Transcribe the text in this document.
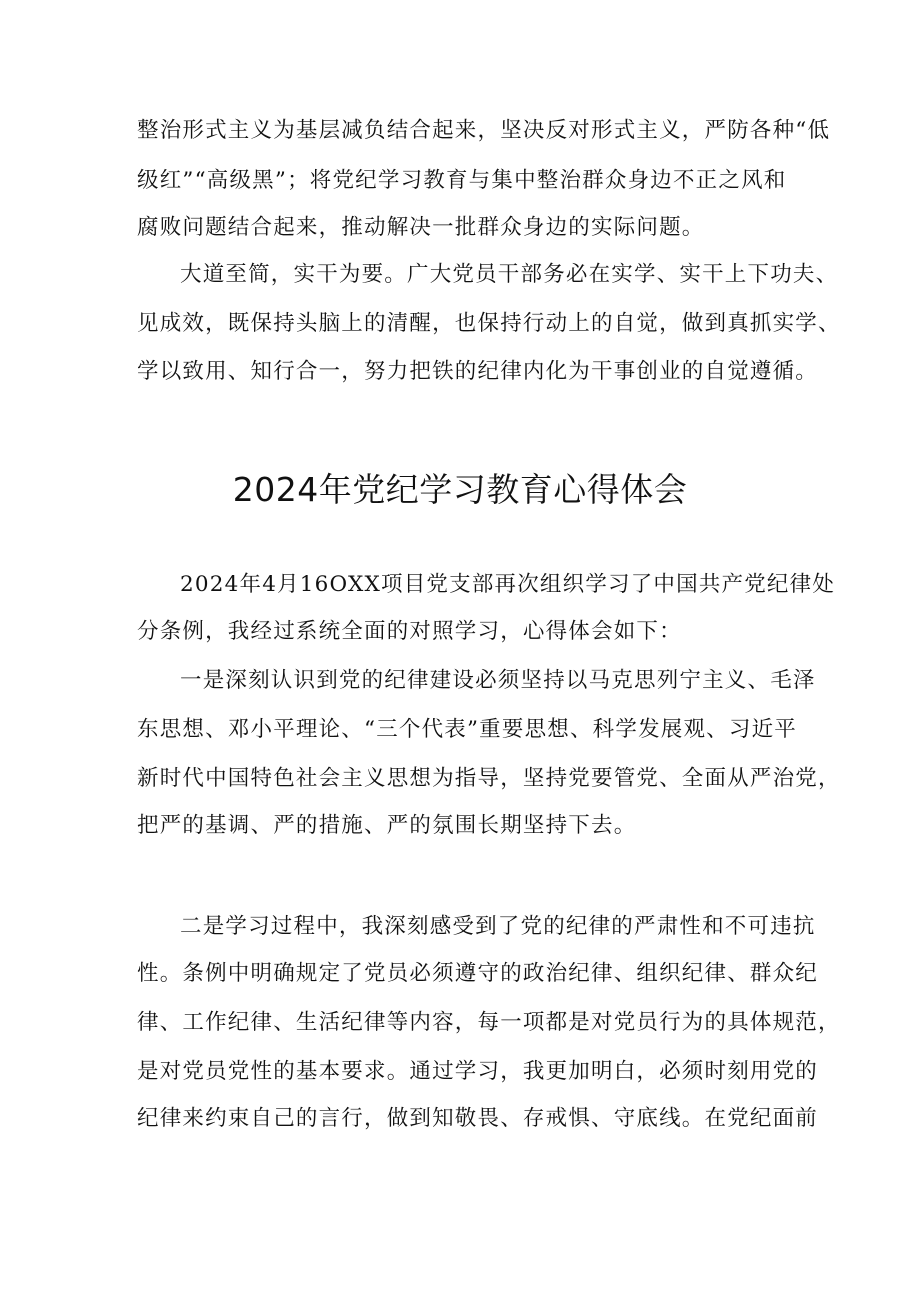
整治形式主义为基层减负结合起来，坚决反对形式主义，严防各种“低
级红”“高级黑”；将党纪学习教育与集中整治群众身边不正之风和
腐败问题结合起来，推动解决一批群众身边的实际问题。
大道至简，实干为要。广大党员干部务必在实学、实干上下功夫、
见成效，既保持头脑上的清醒，也保持行动上的自觉，做到真抓实学、
学以致用、知行合一，努力把铁的纪律内化为干事创业的自觉遵循。
2024年党纪学习教育心得体会
2024年4月16OXX项目党支部再次组织学习了中国共产党纪律处
分条例，我经过系统全面的对照学习，心得体会如下：
一是深刻认识到党的纪律建设必须坚持以马克思列宁主义、毛泽
东思想、邓小平理论、“三个代表”重要思想、科学发展观、习近平
新时代中国特色社会主义思想为指导，坚持党要管党、全面从严治党，
把严的基调、严的措施、严的氛围长期坚持下去。
二是学习过程中，我深刻感受到了党的纪律的严肃性和不可违抗
性。条例中明确规定了党员必须遵守的政治纪律、组织纪律、群众纪
律、工作纪律、生活纪律等内容，每一项都是对党员行为的具体规范，
是对党员党性的基本要求。通过学习，我更加明白，必须时刻用党的
纪律来约束自己的言行，做到知敬畏、存戒惧、守底线。在党纪面前
